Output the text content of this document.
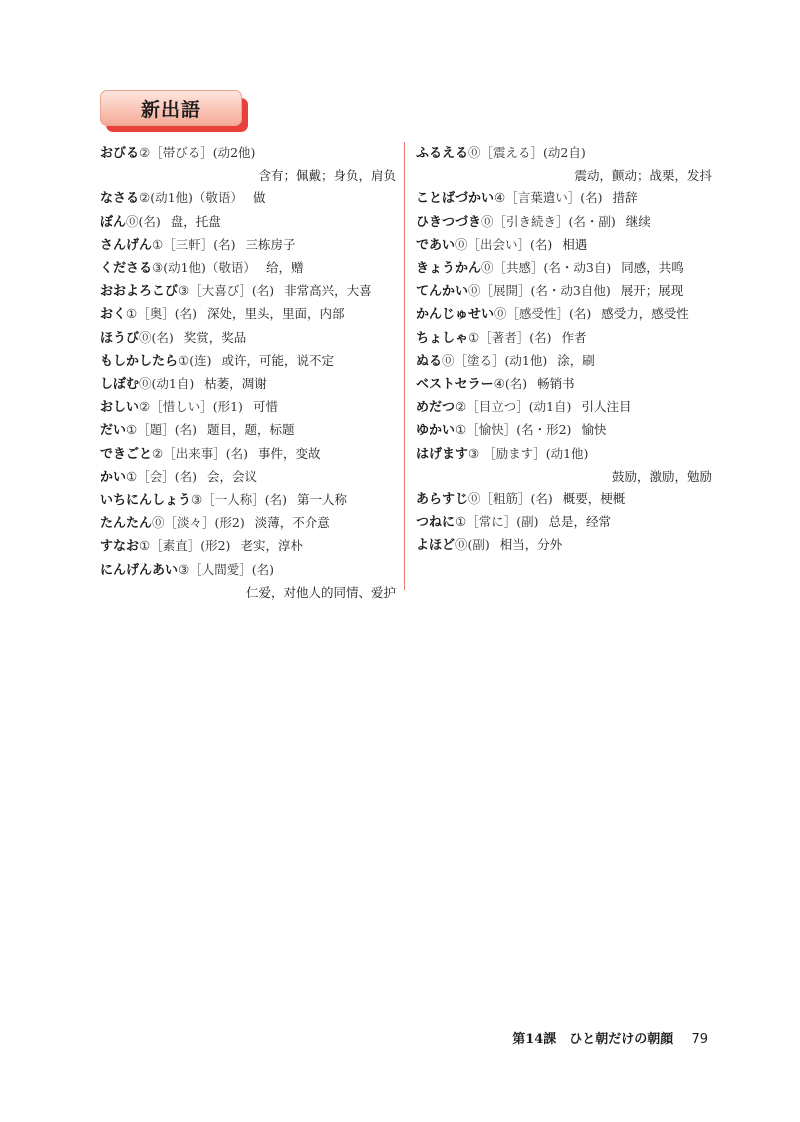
新出語
おびる②［帯びる］(动2他)
含有；佩戴；身负，肩负
なさる②(动1他)（敬语） 做
ぼん⓪(名) 盘，托盘
さんげん①［三軒］(名) 三栋房子
くださる③(动1他)（敬语） 给，赠
おおよろこび③［大喜び］(名) 非常高兴，大喜
おく①［奥］(名) 深处，里头，里面，内部
ほうび⓪(名) 奖赏，奖品
もしかしたら①(连) 或许，可能，说不定
しぼむ⓪(动1自) 枯萎，凋谢
おしい②［惜しい］(形1) 可惜
だい①［題］(名) 题目，题，标题
できごと②［出来事］(名) 事件，变故
かい①［会］(名) 会，会议
いちにんしょう③［一人称］(名) 第一人称
たんたん⓪［淡々］(形2) 淡薄，不介意
すなお①［素直］(形2) 老实，淳朴
にんげんあい③［人間愛］(名)
仁爱，对他人的同情、爱护
ふるえる⓪［震える］(动2自)
震动，颤动；战栗，发抖
ことばづかい④［言葉遣い］(名) 措辞
ひきつづき⓪［引き続き］(名・副) 继续
であい⓪［出会い］(名) 相遇
きょうかん⓪［共感］(名・动3自) 同感，共鸣
てんかい⓪［展開］(名・动3自他) 展开；展现
かんじゅせい⓪［感受性］(名) 感受力，感受性
ちょしゃ①［著者］(名) 作者
ぬる⓪［塗る］(动1他) 涂，刷
ベストセラー④(名) 畅销书
めだつ②［目立つ］(动1自) 引人注目
ゆかい①［愉快］(名・形2) 愉快
はげます③ ［励ます］(动1他)
鼓励，激励，勉励
あらすじ⓪［粗筋］(名) 概要，梗概
つねに①［常に］(副) 总是，经常
よほど⓪(副) 相当，分外
第14課　ひと朝だけの朝顔 79
